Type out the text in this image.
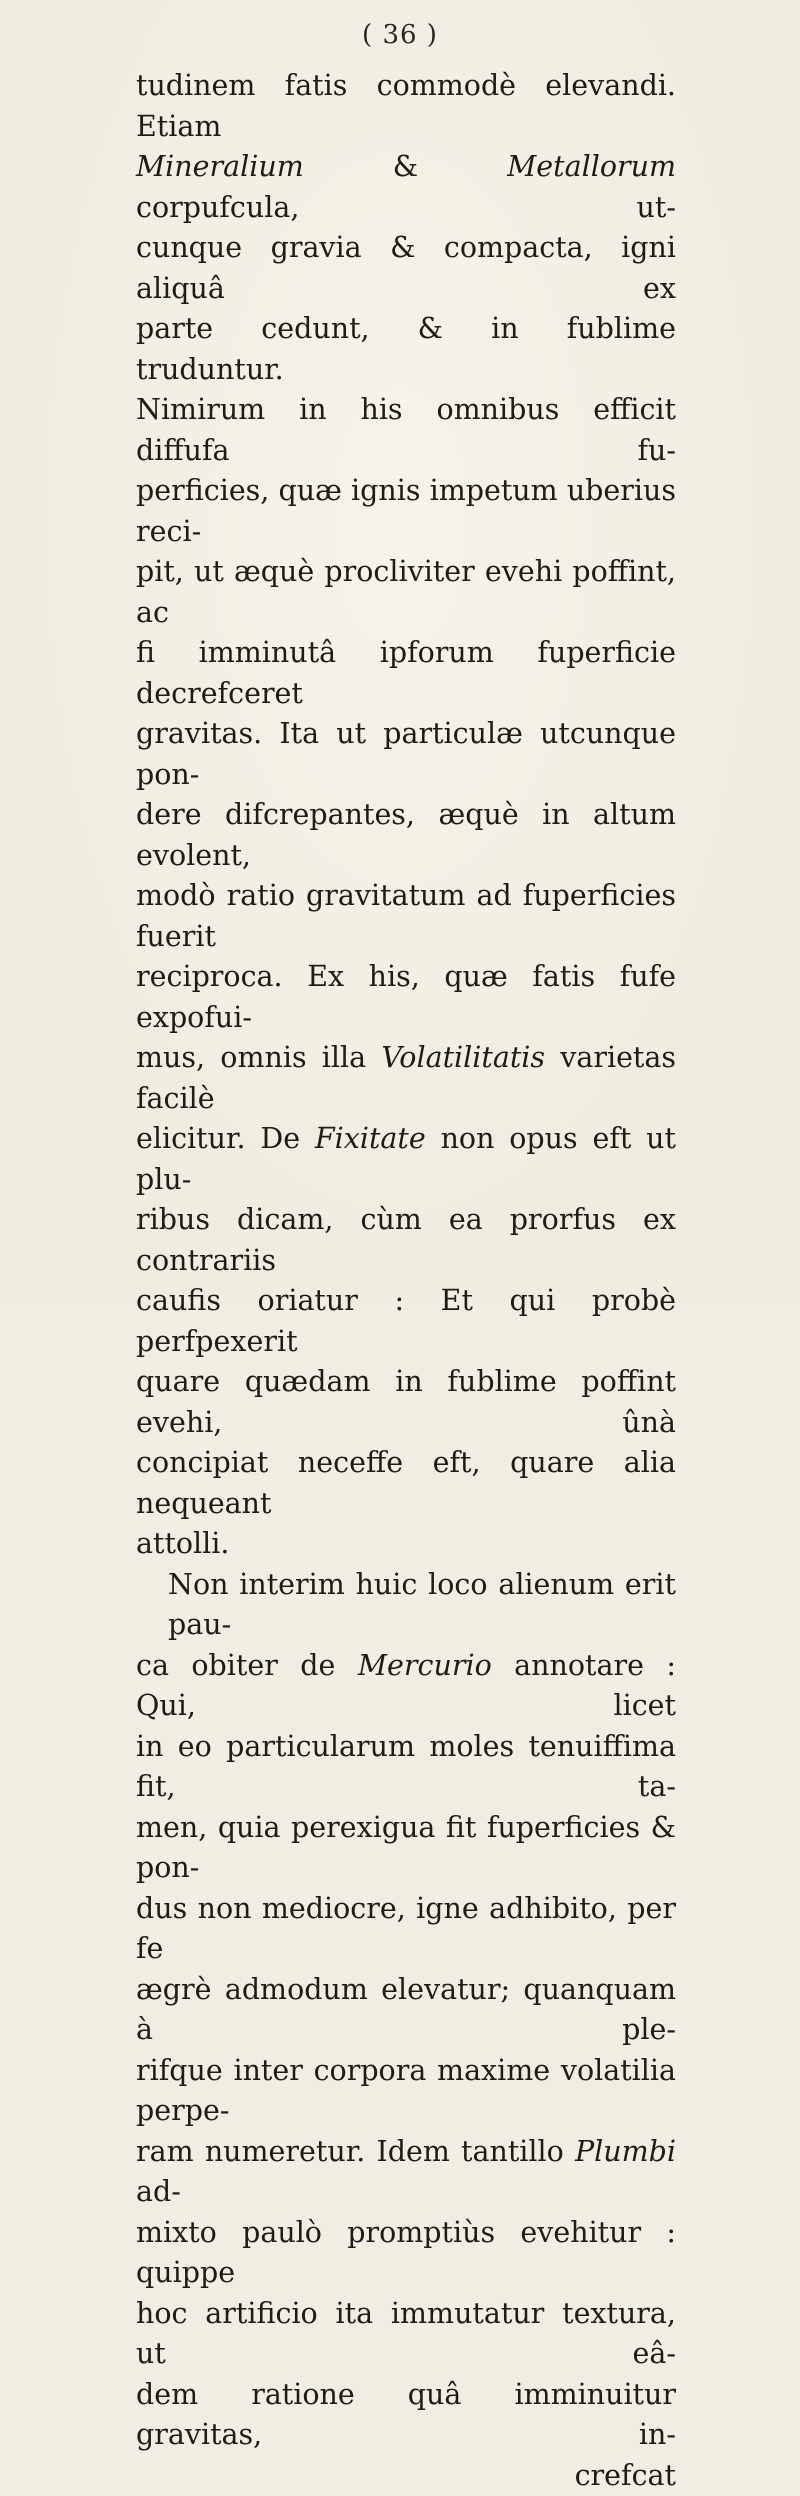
( 36 )
tudinem fatis commodè elevandi. Etiam
Mineralium & Metallorum corpufcula, ut-
cunque gravia & compacta, igni aliquâ ex
parte cedunt, & in fublime truduntur.
Nimirum in his omnibus efficit diffufa fu-
perficies, quæ ignis impetum uberius reci-
pit, ut æquè procliviter evehi poffint, ac
fi imminutâ ipforum fuperficie decrefceret
gravitas. Ita ut particulæ utcunque pon-
dere difcrepantes, æquè in altum evolent,
modò ratio gravitatum ad fuperficies fuerit
reciproca. Ex his, quæ fatis fufe expofui-
mus, omnis illa Volatilitatis varietas facilè
elicitur. De Fixitate non opus eft ut plu-
ribus dicam, cùm ea prorfus ex contrariis
caufis oriatur : Et qui probè perfpexerit
quare quædam in fublime poffint evehi, ûnà
concipiat neceffe eft, quare alia nequeant
attolli.
Non interim huic loco alienum erit pau-
ca obiter de Mercurio annotare : Qui, licet
in eo particularum moles tenuiffima fit, ta-
men, quia perexigua fit fuperficies & pon-
dus non mediocre, igne adhibito, per fe
ægrè admodum elevatur; quanquam à ple-
rifque inter corpora maxime volatilia perpe-
ram numeretur. Idem tantillo Plumbi ad-
mixto paulò promptiùs evehitur : quippe
hoc artificio ita immutatur textura, ut eâ-
dem ratione quâ imminuitur gravitas, in-
crefcat
